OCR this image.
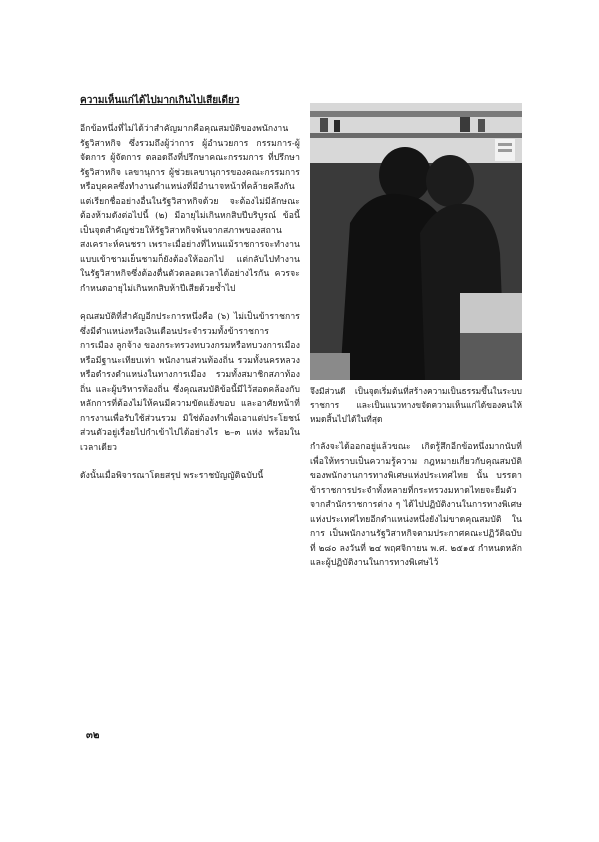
ความเห็นแก่ได้ไปมากเกินไปเสียเดียว

อีกข้อหนึ่งที่ไม่ได้ว่าสำคัญมากคือคุณสมบัติของพนักงานรัฐวิสาหกิจ ซึ่งรวมถึงผู้ว่าการ ผู้อำนวยการ กรรมการ-ผู้จัดการ ผู้จัดการ ตลอดถึงที่ปรึกษาคณะกรรมการ ที่ปรึกษารัฐวิสาหกิจ เลขานุการ ผู้ช่วยเลขานุการของคณะกรรมการ หรือบุคคลซึ่งทำงานตำแหน่งที่มีอำนาจหน้าที่คล้ายคลึงกัน แต่เรียกชื่ออย่างอื่นในรัฐวิสาหกิจด้วย จะต้องไม่มีลักษณะต้องห้ามดังต่อไปนี้ (๒) มีอายุไม่เกินหกสิบปีบริบูรณ์ ข้อนี้เป็นจุดสำคัญช่วยให้รัฐวิสาหกิจพ้นจากสภาพของสถานสงเคราะห์คนชรา เพราะเมื่อย่างที่ไหนแม้ราชการจะทำงานแบบเข้าชามเย็นชามก็ยังต้องให้ออกไป แต่กลับไปทำงานในรัฐวิสาหกิจซึ่งต้องตื่นตัวตลอดเวลาได้อย่างไรกัน ควรจะกำหนดอายุไม่เกินหกสิบห้าปีเสียด้วยซ้ำไป

คุณสมบัติที่สำคัญอีกประการหนึ่งคือ (๖) ไม่เป็นข้าราชการ ซึ่งมีตำแหน่งหรือเงินเดือนประจำรวมทั้งข้าราชการการเมือง ลูกจ้าง ของกระทรวงทบวงกรมหรือทบวงการเมือง หรือมีฐานะเทียบเท่า พนักงานส่วนท้องถิ่น รวมทั้งนครหลวง หรือดำรงตำแหน่งในทางการเมือง รวมทั้งสมาชิกสภาท้องถิ่น และผู้บริหารท้องถิ่น ซึ่งคุณสมบัติข้อนี้มีไว้สอดคล้องกับหลักการที่ต้องไม่ให้คนมีความขัดแย้งขอบ และอาศัยหน้าที่การงานเพื่อรับใช้ส่วนรวม มิใช่ต้องทำเพื่อเอาแต่ประโยชน์ส่วนตัวอยู่เรื่อยไปกำเข้าไปได้อย่างไร ๒–๓ แห่ง พร้อมในเวลาเดียว

ดังนั้นเมื่อพิจารณาโดยสรุป พระราชบัญญัติฉบับนี้

จึงมีส่วนดี เป็นจุดเริ่มต้นที่สร้างความเป็นธรรมขึ้นในระบบราชการ และเป็นแนวทางขจัดความเห็นแก่ได้ของคนให้หมดสิ้นไปได้ในที่สุด

กำลังจะได้ออกอยู่แล้วขณะ เกิดรู้สึกอีกข้อหนึ่งมากนับที่เพื่อให้ทราบเป็นความรู้ความ กฎหมายเกี่ยวกับคุณสมบัติของพนักงานการทางพิเศษแห่งประเทศไทย นั้น บรรดาข้าราชการประจำทั้งหลายที่กระทรวงมหาดไทยจะยืมตัวจากสำนักราชการต่าง ๆ ได้ไปปฏิบัติงานในการทางพิเศษแห่งประเทศไทยอีกตำแหน่งหนึ่งยังไม่ขาดคุณสมบัติ ในการ เป็นพนักงานรัฐวิสาหกิจตามประกาศคณะปฏิวัติฉบับที่ ๒๘๐ ลงวันที่ ๒๔ พฤศจิกายน พ.ศ. ๒๕๑๕ กำหนดหลักและผู้ปฏิบัติงานในการทางพิเศษไว้

๓๒
